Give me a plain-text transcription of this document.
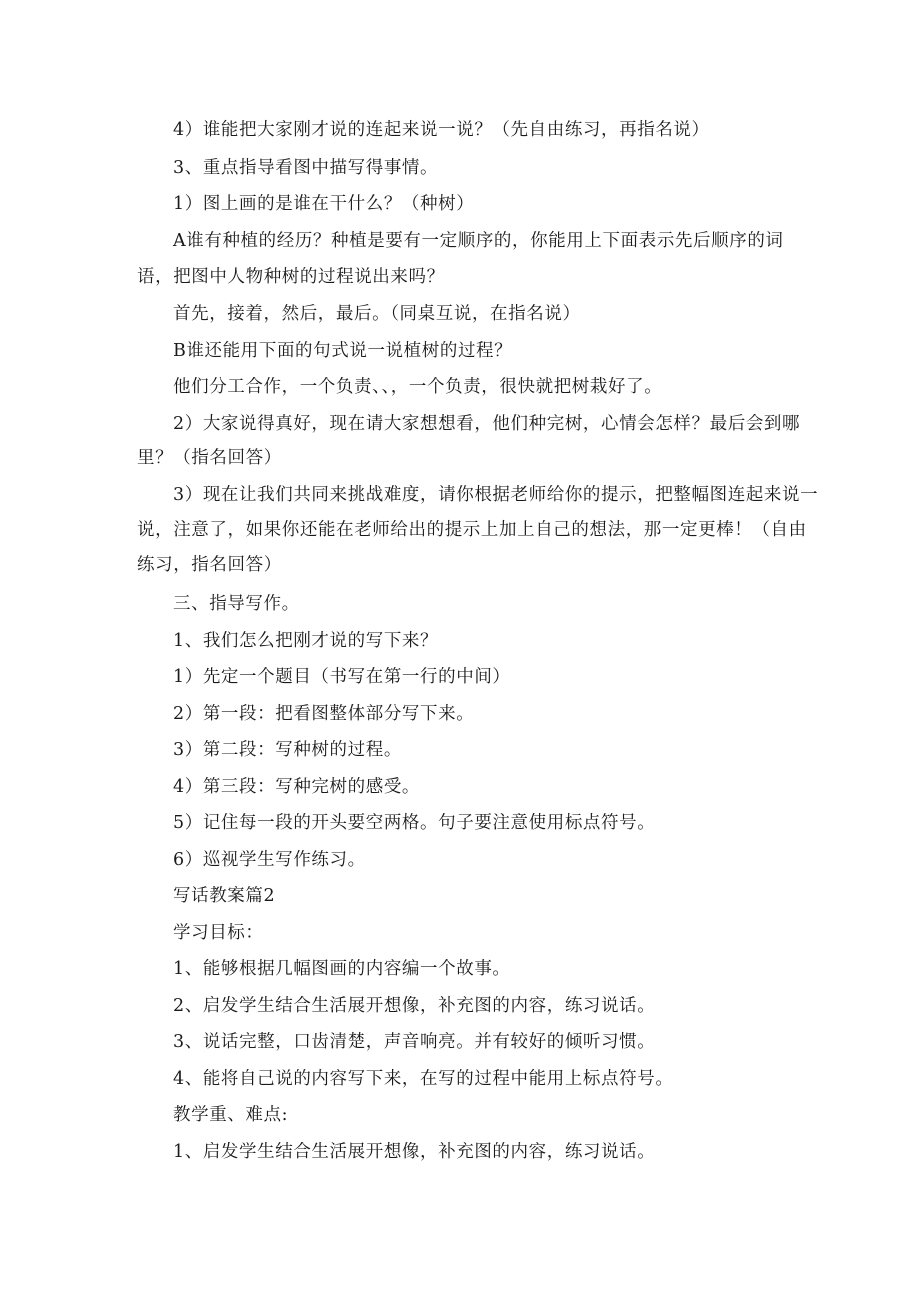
4）谁能把大家刚才说的连起来说一说？（先自由练习，再指名说）
3、重点指导看图中描写得事情。
1）图上画的是谁在干什么？（种树）
A谁有种植的经历？种植是要有一定顺序的，你能用上下面表示先后顺序的词
语，把图中人物种树的过程说出来吗？
首先，接着，然后，最后。（同桌互说，在指名说）
B谁还能用下面的句式说一说植树的过程？
他们分工合作，一个负责、、，一个负责，很快就把树栽好了。
2）大家说得真好，现在请大家想想看，他们种完树，心情会怎样？最后会到哪
里？（指名回答）
3）现在让我们共同来挑战难度，请你根据老师给你的提示，把整幅图连起来说一
说，注意了，如果你还能在老师给出的提示上加上自己的想法，那一定更棒！（自由
练习，指名回答）
三、指导写作。
1、我们怎么把刚才说的写下来？
1）先定一个题目（书写在第一行的中间）
2）第一段：把看图整体部分写下来。
3）第二段：写种树的过程。
4）第三段：写种完树的感受。
5）记住每一段的开头要空两格。句子要注意使用标点符号。
6）巡视学生写作练习。
写话教案篇2
学习目标：
1、能够根据几幅图画的内容编一个故事。
2、启发学生结合生活展开想像，补充图的内容，练习说话。
3、说话完整，口齿清楚，声音响亮。并有较好的倾听习惯。
4、能将自己说的内容写下来，在写的过程中能用上标点符号。
教学重、难点:
1、启发学生结合生活展开想像，补充图的内容，练习说话。
